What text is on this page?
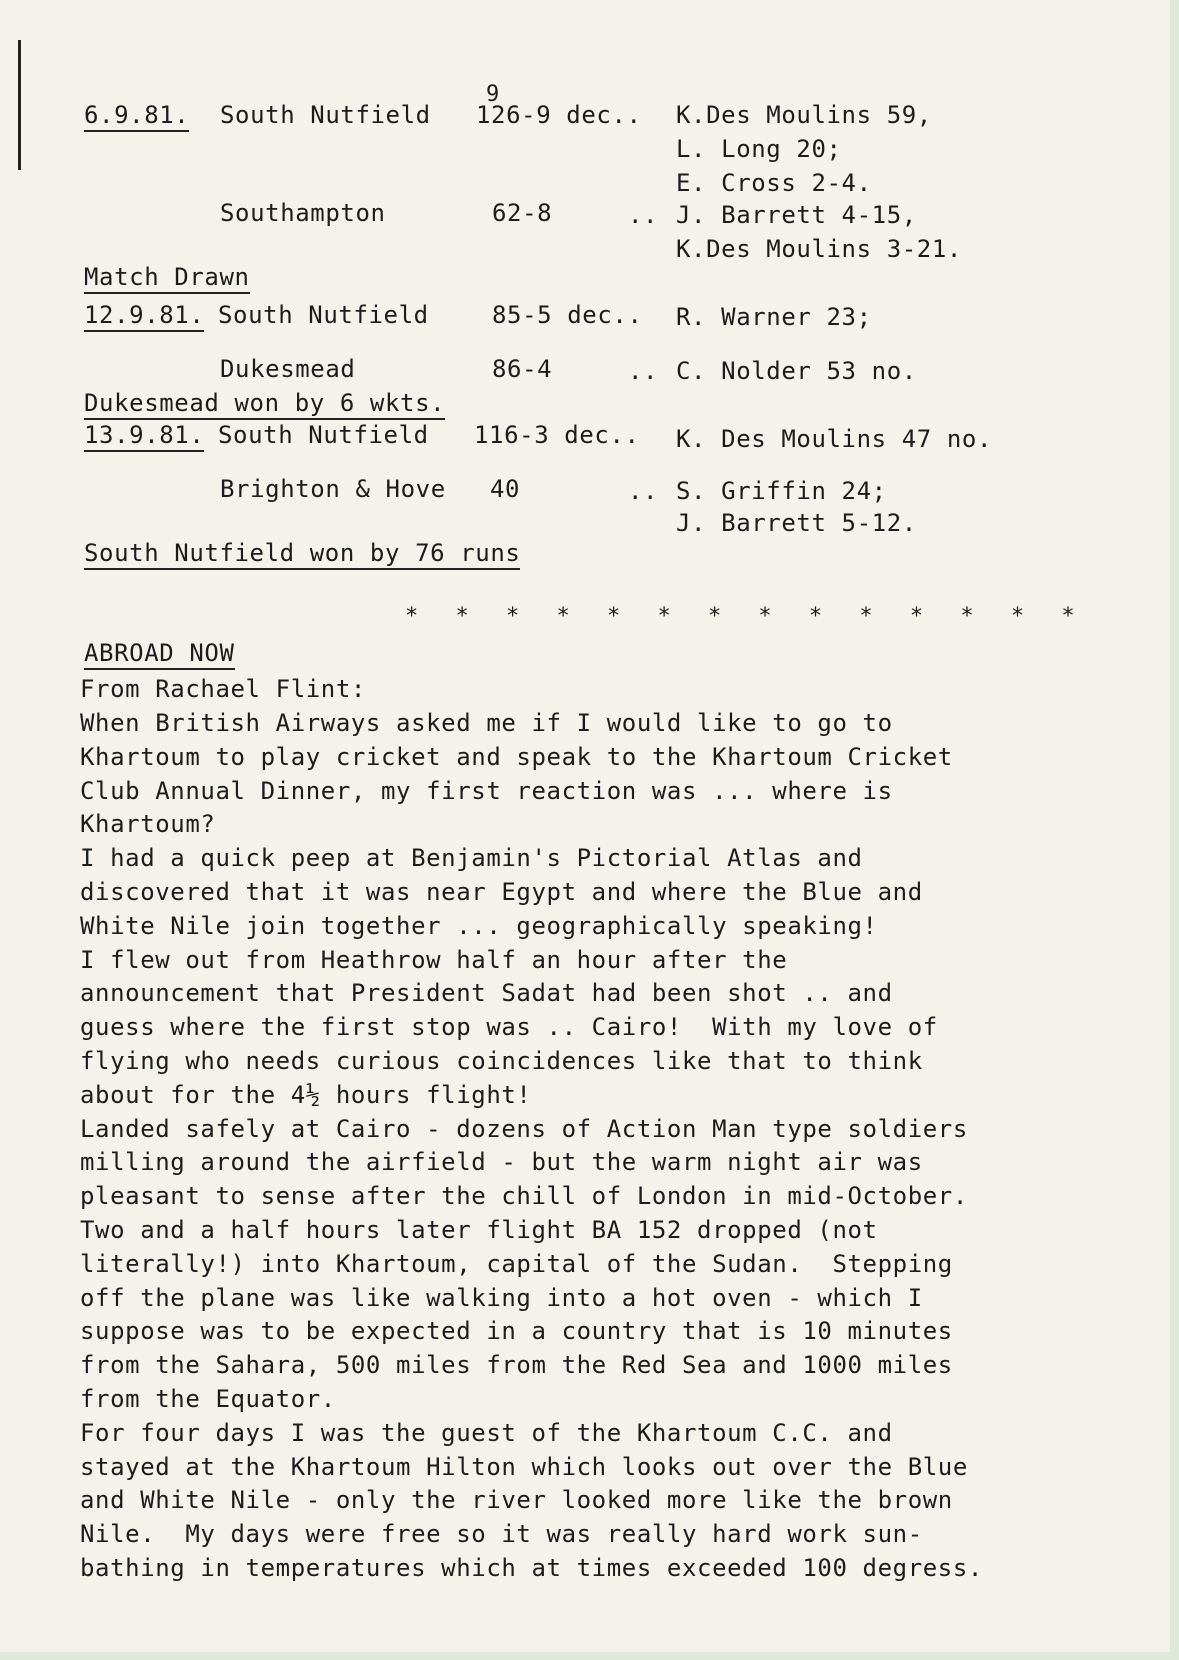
9
6.9.81. South Nutfield 126-9 dec.. K.Des Moulins 59,
L. Long 20;
E. Cross 2-4.
Southampton	62-8	.. J. Barrett 4-15,
K.Des Moulins 3-21.
Match Drawn
12.9.81. South Nutfield	85-5 dec.. R. Warner 23;
Dukesmead	86-4	.. C. Nolder 53 no.
Dukesmead won by 6 wkts.
13.9.81. South Nutfield 116-3 dec.. K. Des Moulins 47 no.
Brighton & Hove 40	.. S. Griffin 24;
J. Barrett 5-12.
South Nutfield won by 76 runs
* * * * * * * * * * * * * *
ABROAD NOW
From Rachael Flint:
When British Airways asked me if I would like to go to
Khartoum to play cricket and speak to the Khartoum Cricket
Club Annual Dinner, my first reaction was ... where is
Khartoum?
I had a quick peep at Benjamin's Pictorial Atlas and
discovered that it was near Egypt and where the Blue and
White Nile join together ... geographically speaking!
I flew out from Heathrow half an hour after the
announcement that President Sadat had been shot .. and
guess where the first stop was .. Cairo!  With my love of
flying who needs curious coincidences like that to think
about for the 4½ hours flight!
Landed safely at Cairo - dozens of Action Man type soldiers
milling around the airfield - but the warm night air was
pleasant to sense after the chill of London in mid-October.
Two and a half hours later flight BA 152 dropped (not
literally!) into Khartoum, capital of the Sudan.  Stepping
off the plane was like walking into a hot oven - which I
suppose was to be expected in a country that is 10 minutes
from the Sahara, 500 miles from the Red Sea and 1000 miles
from the Equator.
For four days I was the guest of the Khartoum C.C. and
stayed at the Khartoum Hilton which looks out over the Blue
and White Nile - only the river looked more like the brown
Nile.  My days were free so it was really hard work sun-
bathing in temperatures which at times exceeded 100 degress.
